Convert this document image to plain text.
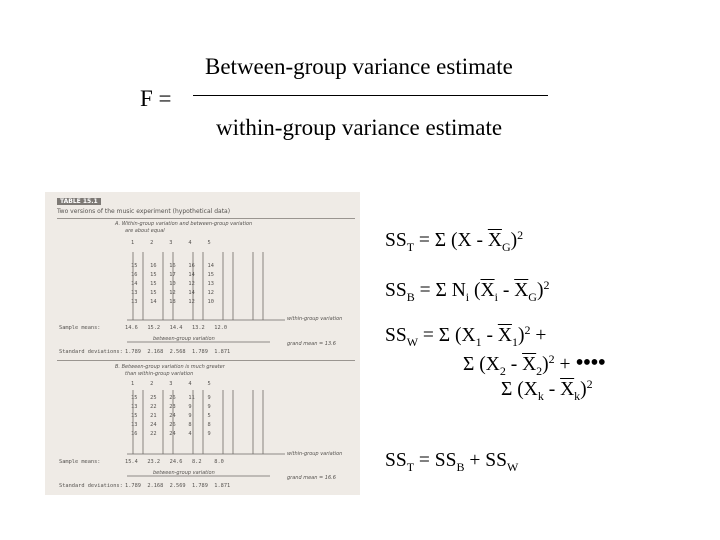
F =
Between-group variance estimate
within-group variance estimate
TABLE 15.1
Two versions of the music experiment (hypothetical data)
A. Within-group variation and between-group variation
are about equal
1     2     3     4     5
15    16    16    16    14
16    15    17    14    15
14    15    10    12    13
13    15    12    14    12
13    14    18    12    10
within-group variation
Sample means:	14.6   15.2   14.4   13.2   12.0
between-group variation
grand mean = 13.6
Standard deviations: 1.789  2.168  2.568  1.789  1.871
B. Between-group variation is much greater
than within-group variation
1     2     3     4     5
15    25    26    11    9
13    22    23    9     9
15    21    24    9     5
13    24    26    8     8
16    22    24    4     9
within-group variation
Sample means:	15.4   23.2   24.6   8.2    8.0
between-group variation
grand mean = 16.6
Standard deviations: 1.789  2.168  2.569  1.789  1.871
$SS_T = \Sigma$ $(X - \overline{X}_G)^2$
$SS_B = \Sigma$ $N_i$ $(\overline{X}_i - \overline{X}_G)^2$
$SS_W = \Sigma$ $(X_1 - \overline{X}_1)^2$ +
Σ $(X_2 - \overline{X}_2)^2$ + ••••
Σ $(X_k - \overline{X}_k)^2$
$SS_T = SS_B + SS_W$
